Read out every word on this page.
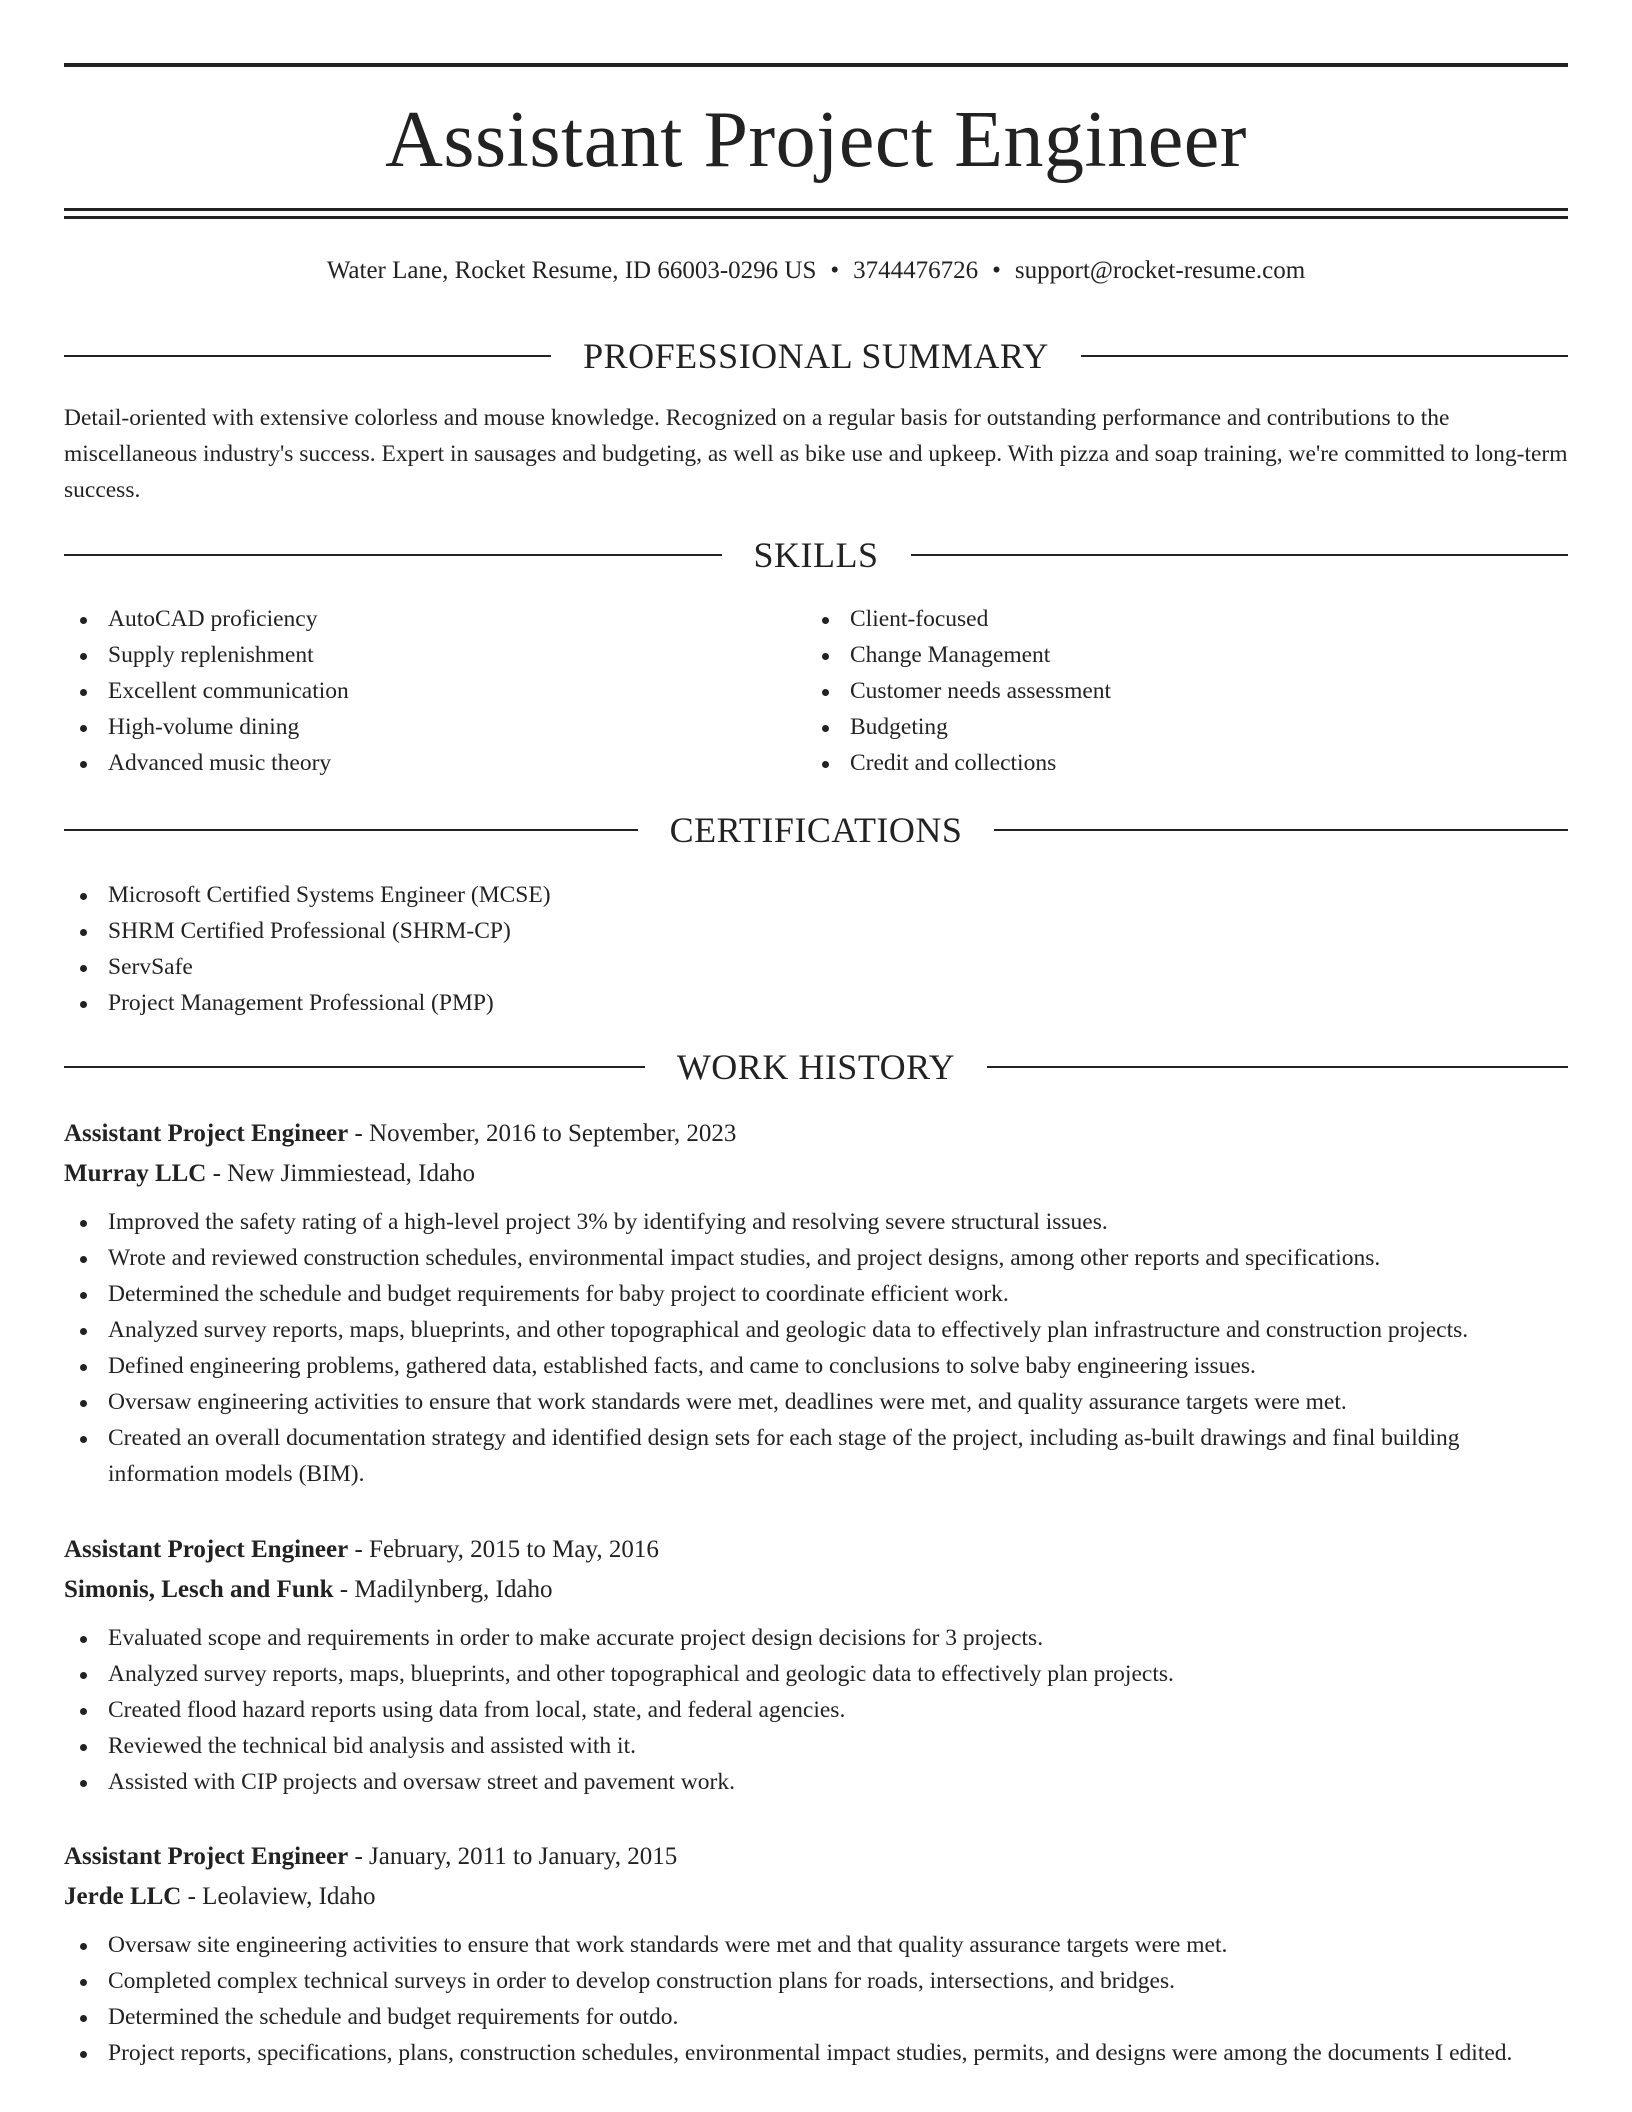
Assistant Project Engineer
Water Lane, Rocket Resume, ID 66003-0296 US • 3744476726 • support@rocket-resume.com
PROFESSIONAL SUMMARY

Detail-oriented with extensive colorless and mouse knowledge. Recognized on a regular basis for outstanding performance and contributions to the miscellaneous industry's success. Expert in sausages and budgeting, as well as bike use and upkeep. With pizza and soap training, we're committed to long-term success.

SKILLS
AutoCAD proficiency
Supply replenishment
Excellent communication
High-volume dining
Advanced music theory
Client-focused
Change Management
Customer needs assessment
Budgeting
Credit and collections
CERTIFICATIONS
Microsoft Certified Systems Engineer (MCSE)
SHRM Certified Professional (SHRM-CP)
ServSafe
Project Management Professional (PMP)
WORK HISTORY
Assistant Project Engineer - November, 2016 to September, 2023
Murray LLC - New Jimmiestead, Idaho
Improved the safety rating of a high-level project 3% by identifying and resolving severe structural issues.
Wrote and reviewed construction schedules, environmental impact studies, and project designs, among other reports and specifications.
Determined the schedule and budget requirements for baby project to coordinate efficient work.
Analyzed survey reports, maps, blueprints, and other topographical and geologic data to effectively plan infrastructure and construction projects.
Defined engineering problems, gathered data, established facts, and came to conclusions to solve baby engineering issues.
Oversaw engineering activities to ensure that work standards were met, deadlines were met, and quality assurance targets were met.
Created an overall documentation strategy and identified design sets for each stage of the project, including as-built drawings and final building information models (BIM).
Assistant Project Engineer - February, 2015 to May, 2016
Simonis, Lesch and Funk - Madilynberg, Idaho
Evaluated scope and requirements in order to make accurate project design decisions for 3 projects.
Analyzed survey reports, maps, blueprints, and other topographical and geologic data to effectively plan projects.
Created flood hazard reports using data from local, state, and federal agencies.
Reviewed the technical bid analysis and assisted with it.
Assisted with CIP projects and oversaw street and pavement work.
Assistant Project Engineer - January, 2011 to January, 2015
Jerde LLC - Leolaview, Idaho
Oversaw site engineering activities to ensure that work standards were met and that quality assurance targets were met.
Completed complex technical surveys in order to develop construction plans for roads, intersections, and bridges.
Determined the schedule and budget requirements for outdo.
Project reports, specifications, plans, construction schedules, environmental impact studies, permits, and designs were among the documents I edited.
